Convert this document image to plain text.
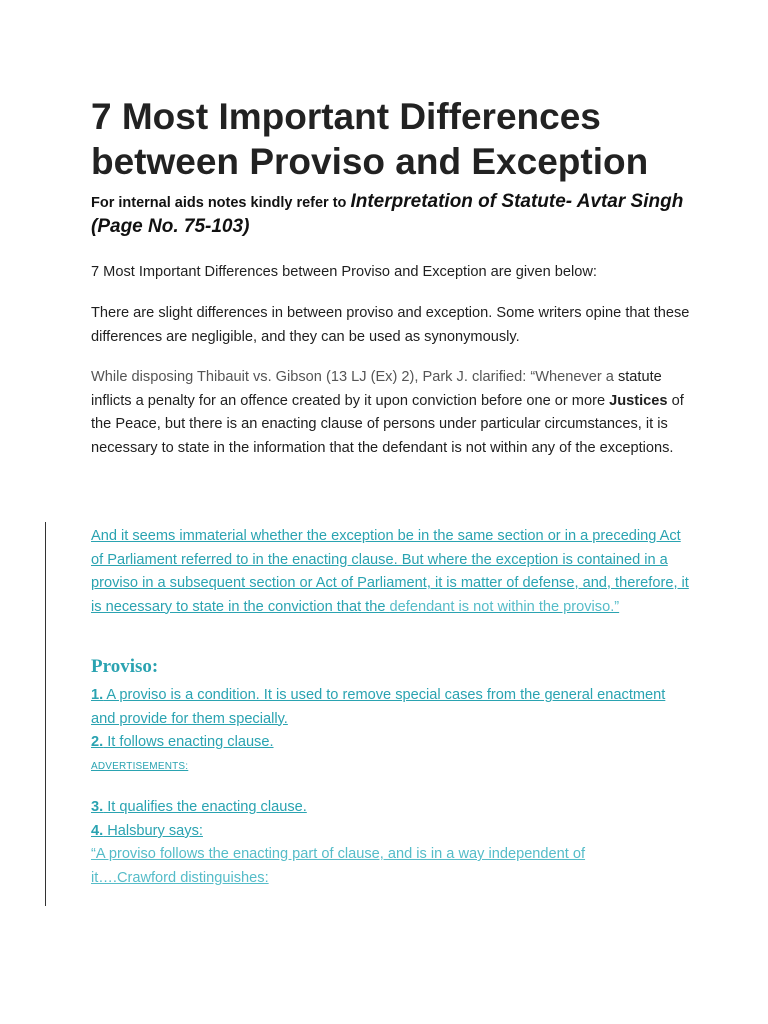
7 Most Important Differences between Proviso and Exception

For internal aids notes kindly refer to Interpretation of Statute- Avtar Singh (Page No. 75-103)

7 Most Important Differences between Proviso and Exception are given below:

There are slight differences in between proviso and exception. Some writers opine that these differences are negligible, and they can be used as synonymously.

While disposing Thibauit vs. Gibson (13 LJ (Ex) 2), Park J. clarified: “Whenever a statute inflicts a penalty for an offence created by it upon conviction before one or more Justices of the Peace, but there is an enacting clause of persons under particular circumstances, it is necessary to state in the information that the defendant is not within any of the exceptions.

And it seems immaterial whether the exception be in the same section or in a preceding Act of Parliament referred to in the enacting clause. But where the exception is contained in a proviso in a subsequent section or Act of Parliament, it is matter of defense, and, therefore, it is necessary to state in the conviction that the defendant is not within the proviso.”

Proviso:

1. A proviso is a condition. It is used to remove special cases from the general enactment and provide for them specially.

2. It follows enacting clause.

ADVERTISEMENTS:

3. It qualifies the enacting clause.

4. Halsbury says:

“A proviso follows the enacting part of clause, and is in a way independent of it….Crawford distinguishes:
